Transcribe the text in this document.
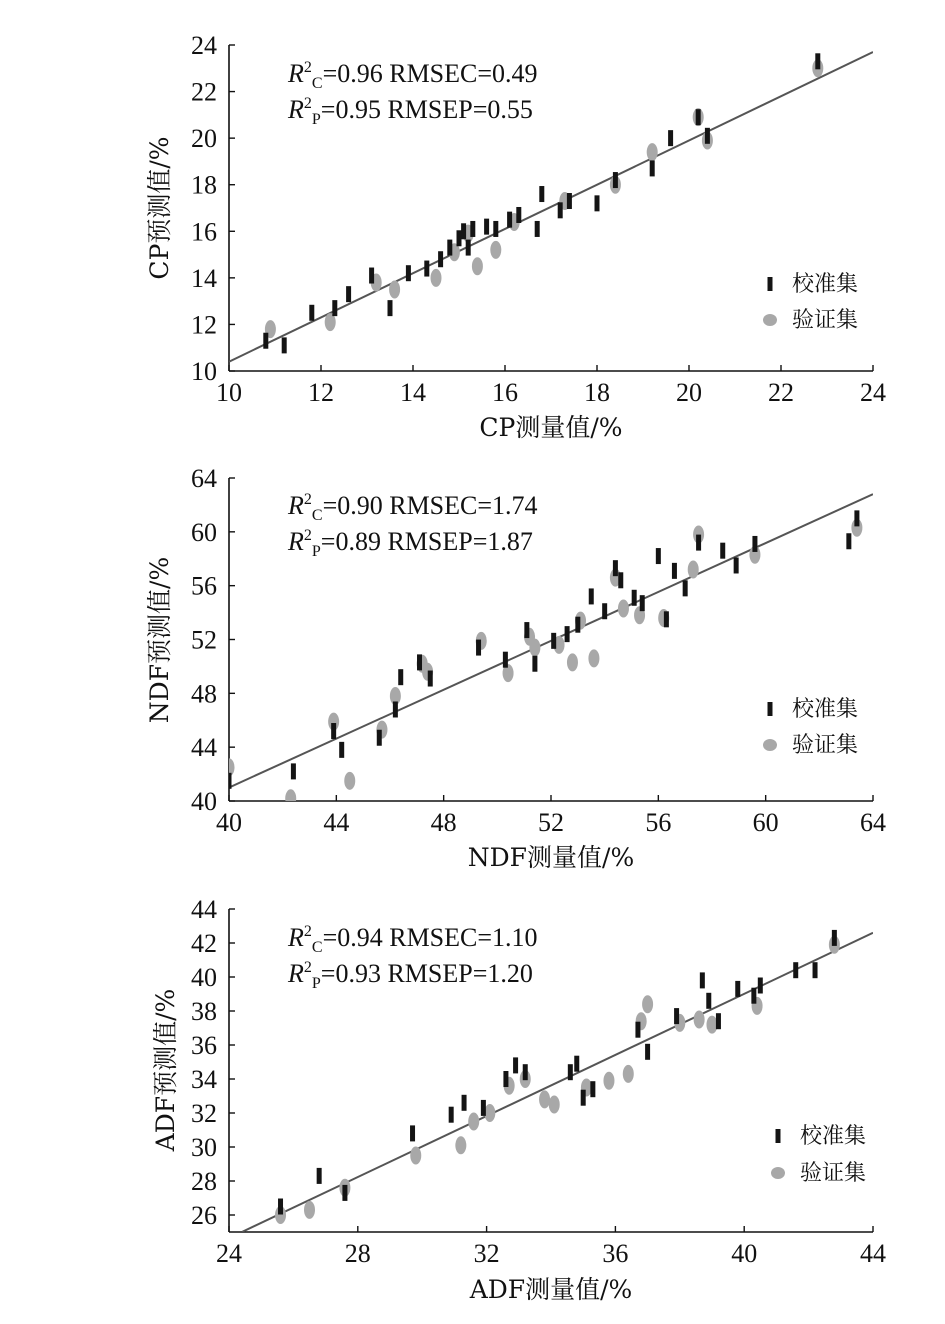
10	12	14	16	18	20	22	24
10
12
14
16
18
20
22
24
CP测量值/%
CP预测值/%
$R^2_C=0.96$ RMSEC=0.49
$R^2_P=0.95$ RMSEP=0.55
校准集
验证集
40	44	48	52	56	60	64
40
44
48
52
56
60
64
NDF测量值/%
NDF预测值/%
$R^2_C=0.90$ RMSEC=1.74
$R^2_P=0.89$ RMSEP=1.87
校准集
验证集
24	28	32	36	40	44
26
28
30
32
34
36
38
40
42
44
ADF测量值/%
ADF预测值/%
$R^2_C=0.94$ RMSEC=1.10
$R^2_P=0.93$ RMSEP=1.20
校准集
验证集
